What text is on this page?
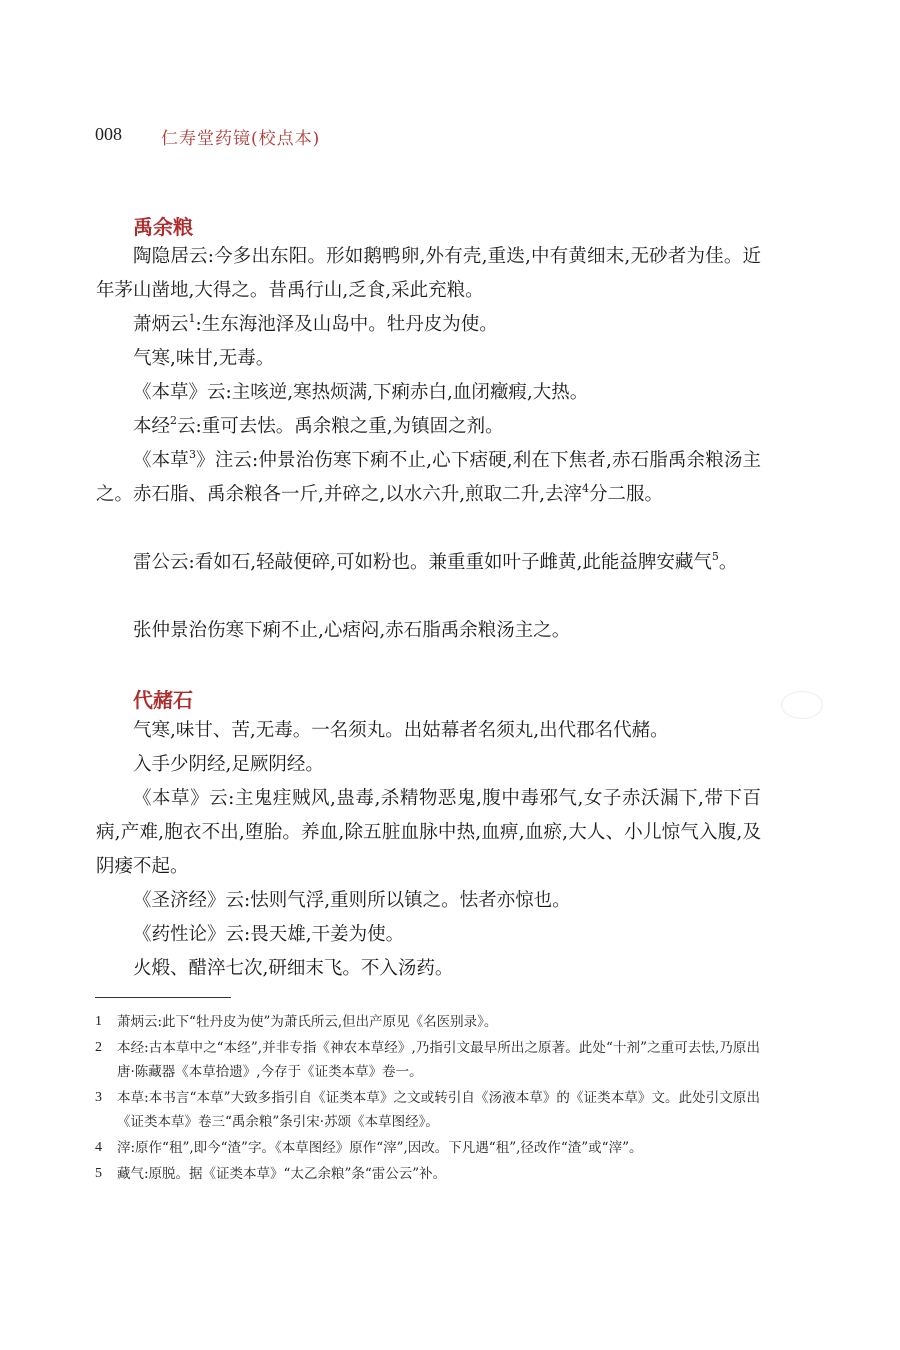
008 仁寿堂药镜(校点本)
禹余粮

陶隐居云:今多出东阳。形如鹅鸭卵,外有壳,重迭,中有黄细末,无砂者为佳。近年茅山凿地,大得之。昔禹行山,乏食,采此充粮。

萧炳云$^1$:生东海池泽及山岛中。牡丹皮为使。

气寒,味甘,无毒。

《本草》云:主咳逆,寒热烦满,下痢赤白,血闭癥瘕,大热。

本经$^2$云:重可去怯。禹余粮之重,为镇固之剂。

《本草$^3$》注云:仲景治伤寒下痢不止,心下痞硬,利在下焦者,赤石脂禹余粮汤主之。赤石脂、禹余粮各一斤,并碎之,以水六升,煎取二升,去滓$^4$分二服。

雷公云:看如石,轻敲便碎,可如粉也。兼重重如叶子雌黄,此能益脾安藏气$^5$。

张仲景治伤寒下痢不止,心痞闷,赤石脂禹余粮汤主之。

代赭石

气寒,味甘、苦,无毒。一名须丸。出姑幕者名须丸,出代郡名代赭。

入手少阴经,足厥阴经。

《本草》云:主鬼疰贼风,蛊毒,杀精物恶鬼,腹中毒邪气,女子赤沃漏下,带下百病,产难,胞衣不出,堕胎。养血,除五脏血脉中热,血痹,血瘀,大人、小儿惊气入腹,及阴痿不起。

《圣济经》云:怯则气浮,重则所以镇之。怯者亦惊也。

《药性论》云:畏天雄,干姜为使。

火煅、醋淬七次,研细末飞。不入汤药。

1 萧炳云:此下“牡丹皮为使”为萧氏所云,但出产原见《名医别录》。
2 本经:古本草中之“本经”,并非专指《神农本草经》,乃指引文最早所出之原著。此处“十剂”之重可去怯,乃原出唐·陈藏器《本草拾遗》,今存于《证类本草》卷一。
3 本草:本书言“本草”大致多指引自《证类本草》之文或转引自《汤液本草》的《证类本草》文。此处引文原出《证类本草》卷三“禹余粮”条引宋·苏颂《本草图经》。
4 滓:原作“租”,即今“渣”字。《本草图经》原作“滓”,因改。下凡遇“租”,径改作“渣”或“滓”。
5 藏气:原脱。据《证类本草》“太乙余粮”条“雷公云”补。
